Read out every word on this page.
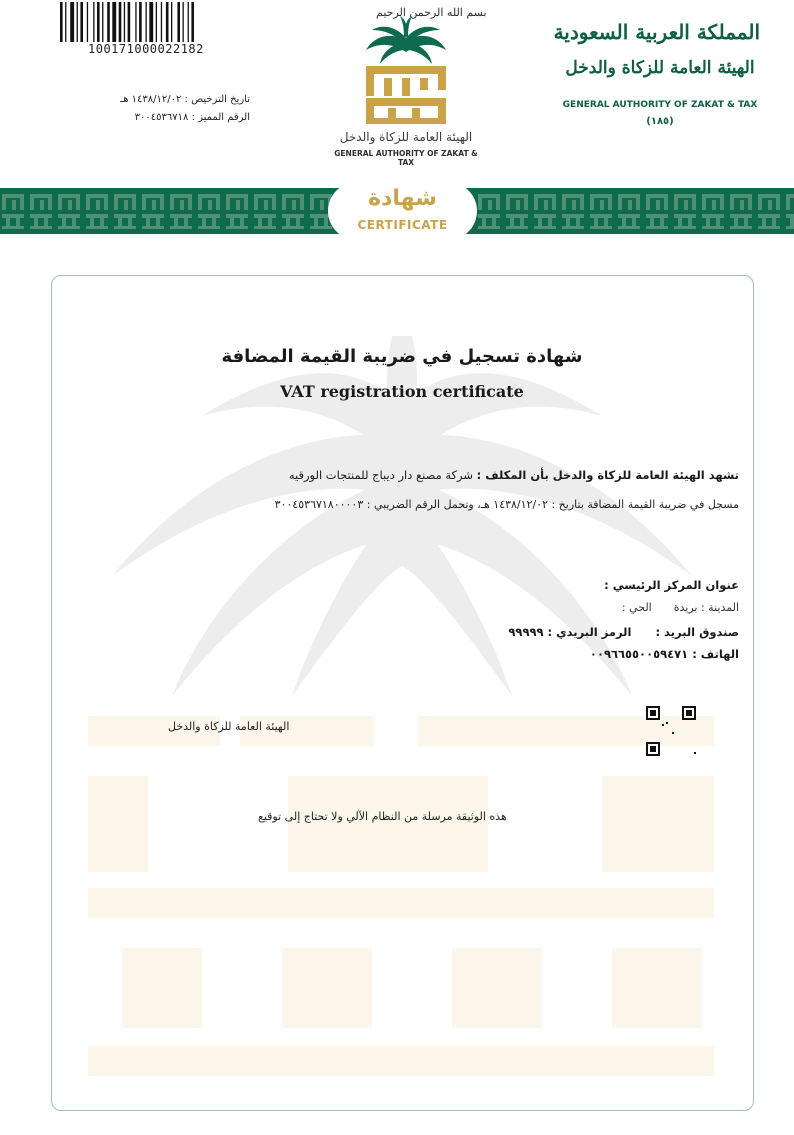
100171000022182
تاريخ الترخيص : ١٤٣٨/١٢/٠٢ هـ
الرقم المميز : ٣٠٠٤٥٣٦٧١٨
بسم الله الرحمن الرحيم
الهيئة العامة للزكاة والدخل
GENERAL AUTHORITY OF ZAKAT & TAX
المملكة العربية السعودية
الهيئة العامة للزكاة والدخل
GENERAL AUTHORITY OF ZAKAT & TAX
(١٨٥)
شهادة
CERTIFICATE
شهادة تسجيل في ضريبة القيمة المضافة
VAT registration certificate
تشهد الهيئة العامة للزكاة والدخل بأن المكلف : شركة مصنع دار ديباج للمنتجات الورقيه
مسجل في ضريبة القيمة المضافة بتاريخ : ١٤٣٨/١٢/٠٢ هـ، وتحمل الرقم الضريبي : ٣٠٠٤٥٣٦٧١٨٠٠٠٠٣
عنوان المركز الرئيسي :
المدينة : بريدةالحي :
صندوق البريد :الرمز البريدي : ٩٩٩٩٩
الهاتف : ٠٠٩٦٦٥٥٠٠٥٩٤٧١
الهيئة العامة للزكاة والدخل
هذه الوثيقة مرسلة من النظام الآلي ولا تحتاج إلى توقيع
